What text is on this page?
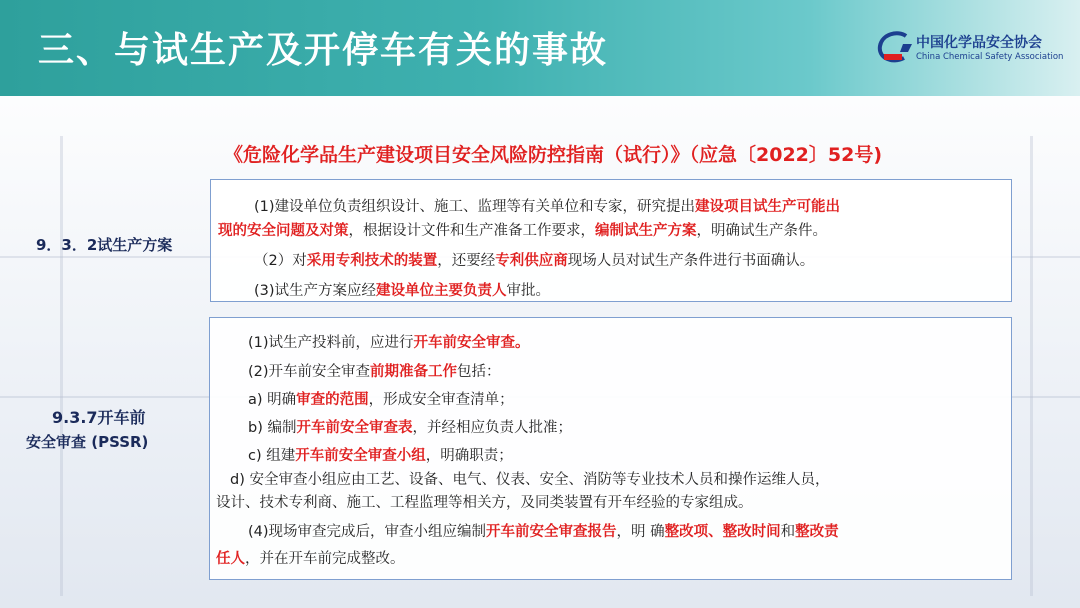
三、与试生产及开停车有关的事故	中国化学品安全协会
China Chemical Safety Association
《危险化学品生产建设项目安全风险防控指南（试行）》（应急〔2022〕52号)
9．3．2试生产方案
(1)建设单位负责组织设计、施工、监理等有关单位和专家，研究提出建设项目试生产可能出
现的安全问题及对策，根据设计文件和生产准备工作要求，编制试生产方案，明确试生产条件。
（2）对采用专利技术的装置，还要经专利供应商现场人员对试生产条件进行书面确认。
(3)试生产方案应经建设单位主要负责人审批。
9.3.7开车前
安全审查 (PSSR)
(1)试生产投料前，应进行开车前安全审查。
(2)开车前安全审查前期准备工作包括：
a) 明确审查的范围，形成安全审查清单；
b) 编制开车前安全审查表，并经相应负责人批准；
c) 组建开车前安全审查小组，明确职责；
d) 安全审查小组应由工艺、设备、电气、仪表、安全、消防等专业技术人员和操作运维人员，
设计、技术专利商、施工、工程监理等相关方，及同类装置有开车经验的专家组成。
(4)现场审查完成后，审查小组应编制开车前安全审查报告，明 确整改项、整改时间和整改责
任人，并在开车前完成整改。
